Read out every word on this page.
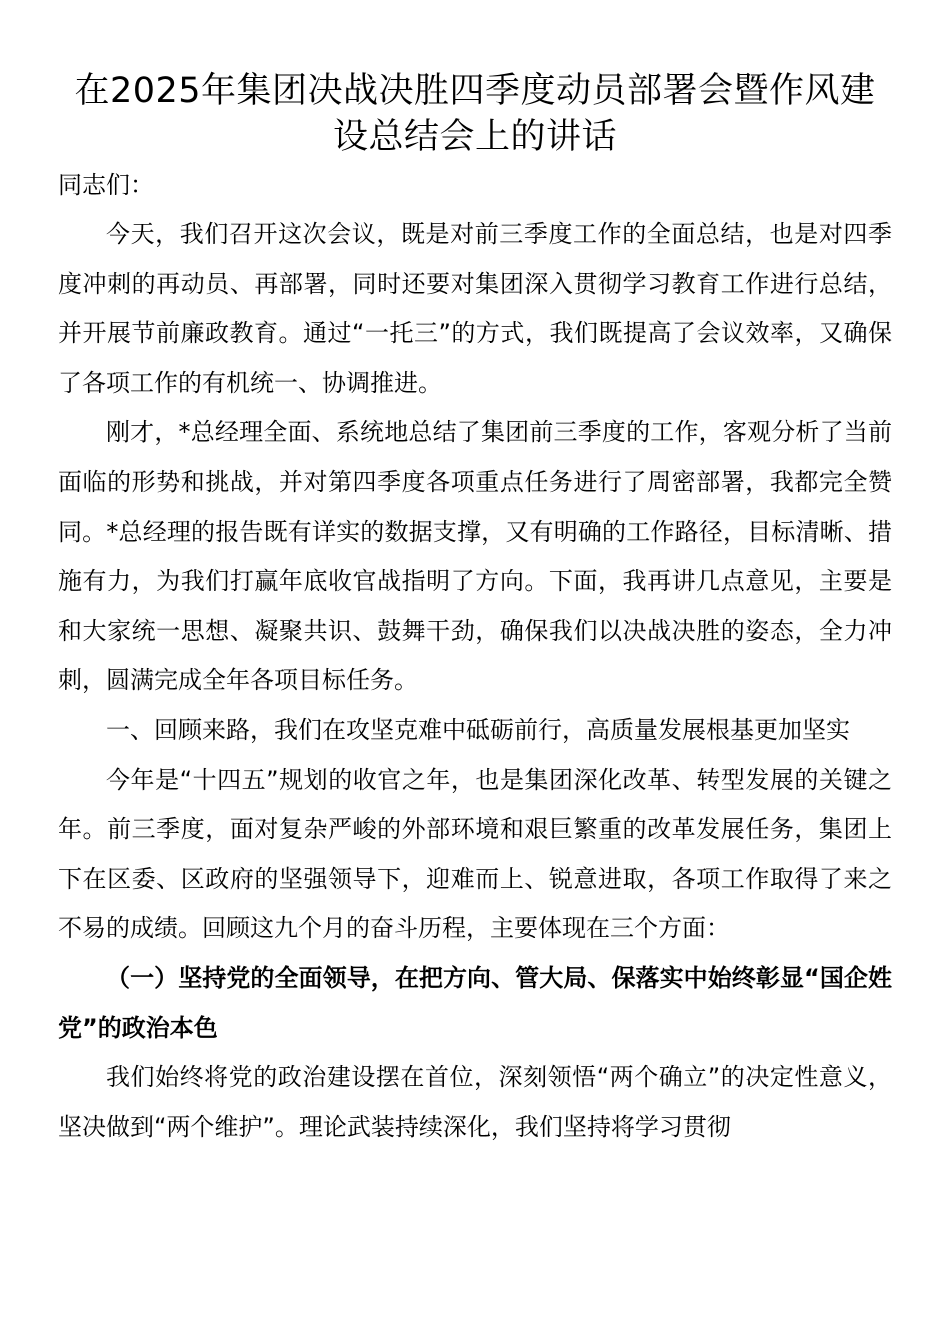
在2025年集团决战决胜四季度动员部署会暨作风建设总结会上的讲话

同志们：

今天，我们召开这次会议，既是对前三季度工作的全面总结，也是对四季度冲刺的再动员、再部署，同时还要对集团深入贯彻学习教育工作进行总结，并开展节前廉政教育。通过“一托三”的方式，我们既提高了会议效率，又确保了各项工作的有机统一、协调推进。

刚才，*总经理全面、系统地总结了集团前三季度的工作，客观分析了当前面临的形势和挑战，并对第四季度各项重点任务进行了周密部署，我都完全赞同。*总经理的报告既有详实的数据支撑，又有明确的工作路径，目标清晰、措施有力，为我们打赢年底收官战指明了方向。下面，我再讲几点意见，主要是和大家统一思想、凝聚共识、鼓舞干劲，确保我们以决战决胜的姿态，全力冲刺，圆满完成全年各项目标任务。

一、回顾来路，我们在攻坚克难中砥砺前行，高质量发展根基更加坚实

今年是“十四五”规划的收官之年，也是集团深化改革、转型发展的关键之年。前三季度，面对复杂严峻的外部环境和艰巨繁重的改革发展任务，集团上下在区委、区政府的坚强领导下，迎难而上、锐意进取，各项工作取得了来之不易的成绩。回顾这九个月的奋斗历程，主要体现在三个方面：

（一）坚持党的全面领导，在把方向、管大局、保落实中始终彰显“国企姓党”的政治本色

我们始终将党的政治建设摆在首位，深刻领悟“两个确立”的决定性意义，坚决做到“两个维护”。理论武装持续深化，我们坚持将学习贯彻
